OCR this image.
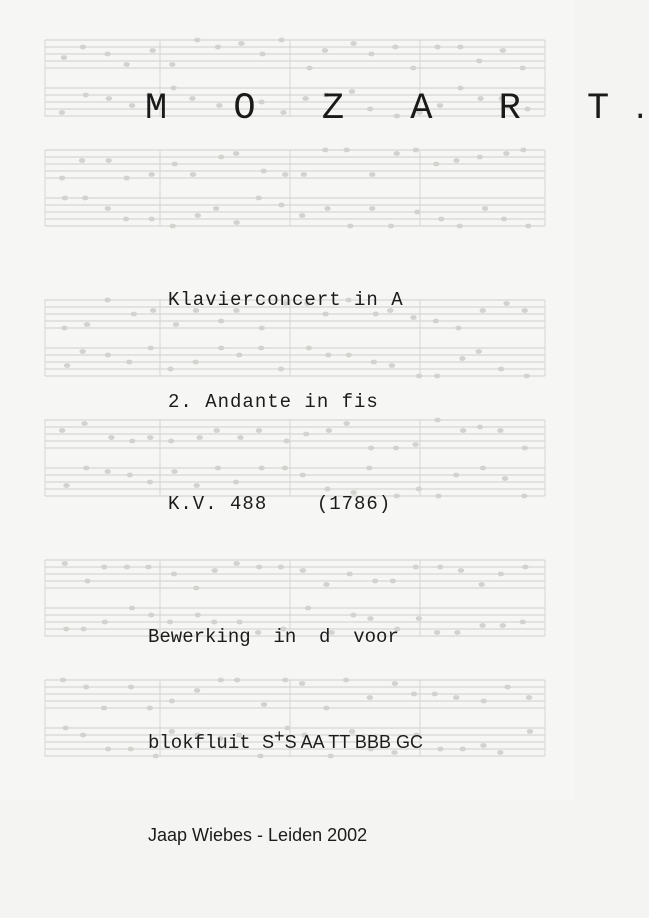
M O Z A R T.

Klavierconcert in A

2. Andante in fis

K.V. 488	(1786)

Bewerking  in  d  voor

blokfluit S+S AA TT BBB GC

Jaap Wiebes - Leiden 2002
